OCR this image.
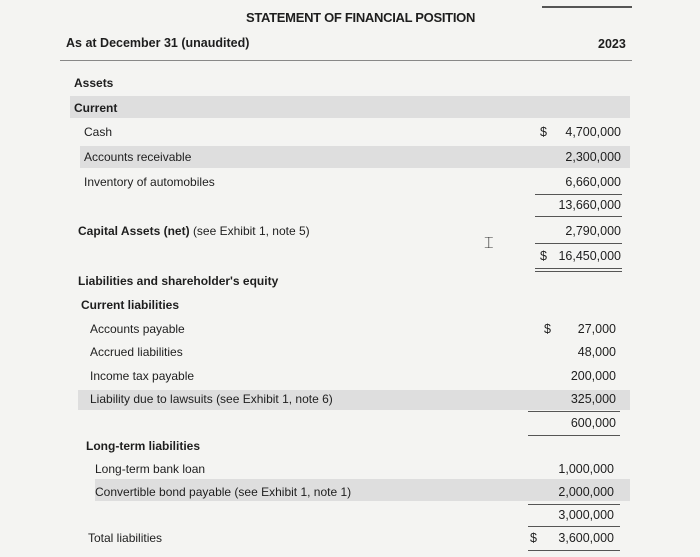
STATEMENT OF FINANCIAL POSITION
As at December 31 (unaudited)	2023
Assets
Current
Cash	$	4,700,000
Accounts receivable	2,300,000
Inventory of automobiles	6,660,000
13,660,000
Capital Assets (net) (see Exhibit 1, note 5)	2,790,000
⌶
$ 16,450,000
Liabilities and shareholder's equity
Current liabilities
Accounts payable	$	27,000
Accrued liabilities	48,000
Income tax payable	200,000
Liability due to lawsuits (see Exhibit 1, note 6)	325,000
600,000
Long-term liabilities
Long-term bank loan	1,000,000
Convertible bond payable (see Exhibit 1, note 1)	2,000,000
3,000,000
Total liabilities	$	3,600,000
